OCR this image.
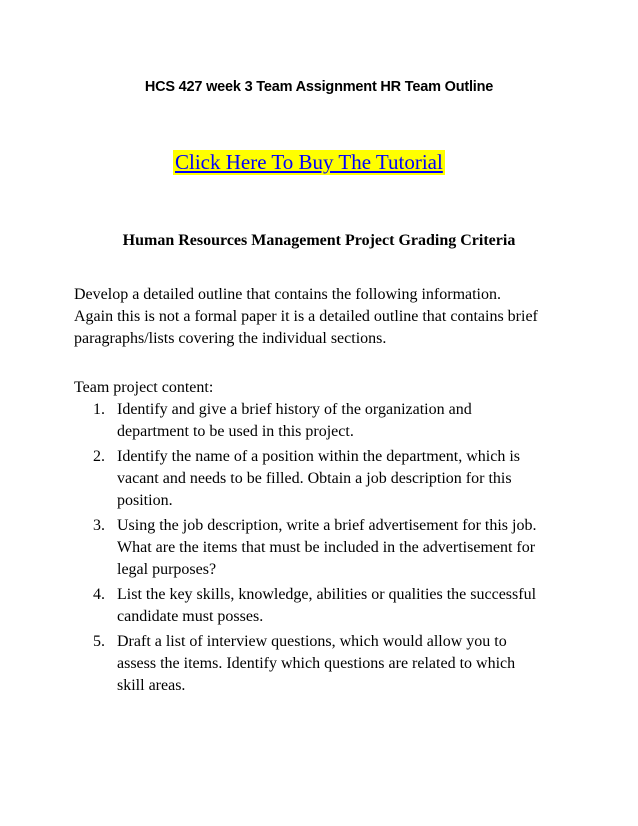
HCS 427 week 3 Team Assignment HR Team Outline
Click Here To Buy The Tutorial
Human Resources Management Project Grading Criteria

Develop a detailed outline that contains the following information.

Again this is not a formal paper it is a detailed outline that contains brief

paragraphs/lists covering the individual sections.

Team project content:
1. Identify and give a brief history of the organization and
department to be used in this project.
2. Identify the name of a position within the department, which is
vacant and needs to be filled. Obtain a job description for this
position.
3. Using the job description, write a brief advertisement for this job.
What are the items that must be included in the advertisement for
legal purposes?
4. List the key skills, knowledge, abilities or qualities the successful
candidate must posses.
5. Draft a list of interview questions, which would allow you to
assess the items. Identify which questions are related to which
skill areas.
